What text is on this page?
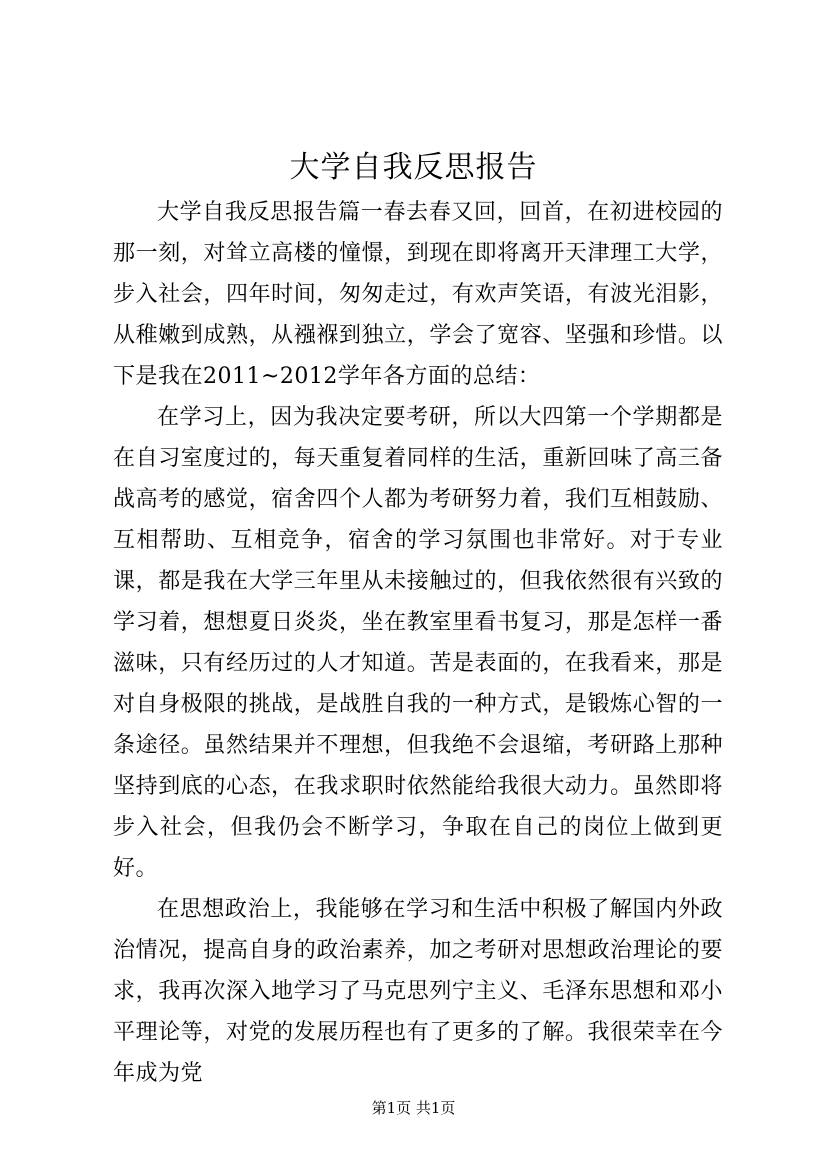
大学自我反思报告

大学自我反思报告篇一春去春又回，回首，在初进校园的那一刻，对耸立高楼的憧憬，到现在即将离开天津理工大学，步入社会，四年时间，匆匆走过，有欢声笑语，有波光泪影，从稚嫩到成熟，从襁褓到独立，学会了宽容、坚强和珍惜。以下是我在2011~2012学年各方面的总结：

在学习上，因为我决定要考研，所以大四第一个学期都是在自习室度过的，每天重复着同样的生活，重新回味了高三备战高考的感觉，宿舍四个人都为考研努力着，我们互相鼓励、互相帮助、互相竞争，宿舍的学习氛围也非常好。对于专业课，都是我在大学三年里从未接触过的，但我依然很有兴致的学习着，想想夏日炎炎，坐在教室里看书复习，那是怎样一番滋味，只有经历过的人才知道。苦是表面的，在我看来，那是对自身极限的挑战，是战胜自我的一种方式，是锻炼心智的一条途径。虽然结果并不理想，但我绝不会退缩，考研路上那种坚持到底的心态，在我求职时依然能给我很大动力。虽然即将步入社会，但我仍会不断学习，争取在自己的岗位上做到更好。

在思想政治上，我能够在学习和生活中积极了解国内外政治情况，提高自身的政治素养，加之考研对思想政治理论的要求，我再次深入地学习了马克思列宁主义、毛泽东思想和邓小平理论等，对党的发展历程也有了更多的了解。我很荣幸在今年成为党

第1页 共1页
